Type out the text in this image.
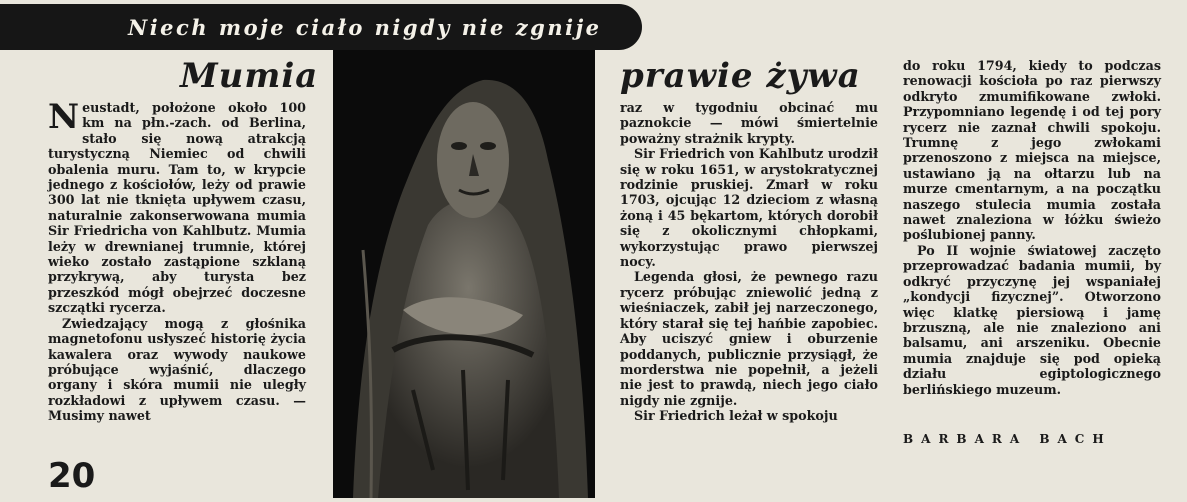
Niech moje ciało nigdy nie zgnije
Mumia	prawie żywa

Neustadt, położone około 100 km na płn.-zach. od Berlina, stało się nową atrakcją turystyczną Niemiec od chwili obalenia muru. Tam to, w krypcie jednego z kościołów, leży od prawie 300 lat nie tknięta upływem czasu, naturalnie zakonserwowana mumia Sir Friedricha von Kahlbutz. Mumia leży w drewnianej trumnie, której wieko zostało zastąpione szklaną przykrywą, aby turysta bez przeszkód mógł obejrzeć doczesne szczątki rycerza.

Zwiedzający mogą z głośnika magnetofonu usłyszeć historię życia kawalera oraz wywody naukowe próbujące wyjaśnić, dlaczego organy i skóra mumii nie uległy rozkładowi z upływem czasu. — Musimy nawet

raz w tygodniu obcinać mu paznokcie — mówi śmiertelnie poważny strażnik krypty.

Sir Friedrich von Kahlbutz urodził się w roku 1651, w arystokratycznej rodzinie pruskiej. Zmarł w roku 1703, ojcując 12 dzieciom z własną żoną i 45 bękartom, których dorobił się z okolicznymi chłopkami, wykorzystując prawo pierwszej nocy.

Legenda głosi, że pewnego razu rycerz próbując zniewolić jedną z wieśniaczek, zabił jej narzeczonego, który starał się tej hańbie zapobiec. Aby uciszyć gniew i oburzenie poddanych, publicznie przysiągł, że morderstwa nie popełnił, a jeżeli nie jest to prawdą, niech jego ciało nigdy nie zgnije.

Sir Friedrich leżał w spokoju

do roku 1794, kiedy to podczas renowacji kościoła po raz pierwszy odkryto zmumifikowane zwłoki. Przypomniano legendę i od tej pory rycerz nie zaznał chwili spokoju. Trumnę z jego zwłokami przenoszono z miejsca na miejsce, ustawiano ją na ołtarzu lub na murze cmentarnym, a na początku naszego stulecia mumia została nawet znaleziona w łóżku świeżo poślubionej panny.

Po II wojnie światowej zaczęto przeprowadzać badania mumii, by odkryć przyczynę jej wspaniałej „kondycji fizycznej”. Otworzono więc klatkę piersiową i jamę brzuszną, ale nie znaleziono ani balsamu, ani arszeniku. Obecnie mumia znajduje się pod opieką działu egiptologicznego berlińskiego muzeum.

BARBARA BACH
20
